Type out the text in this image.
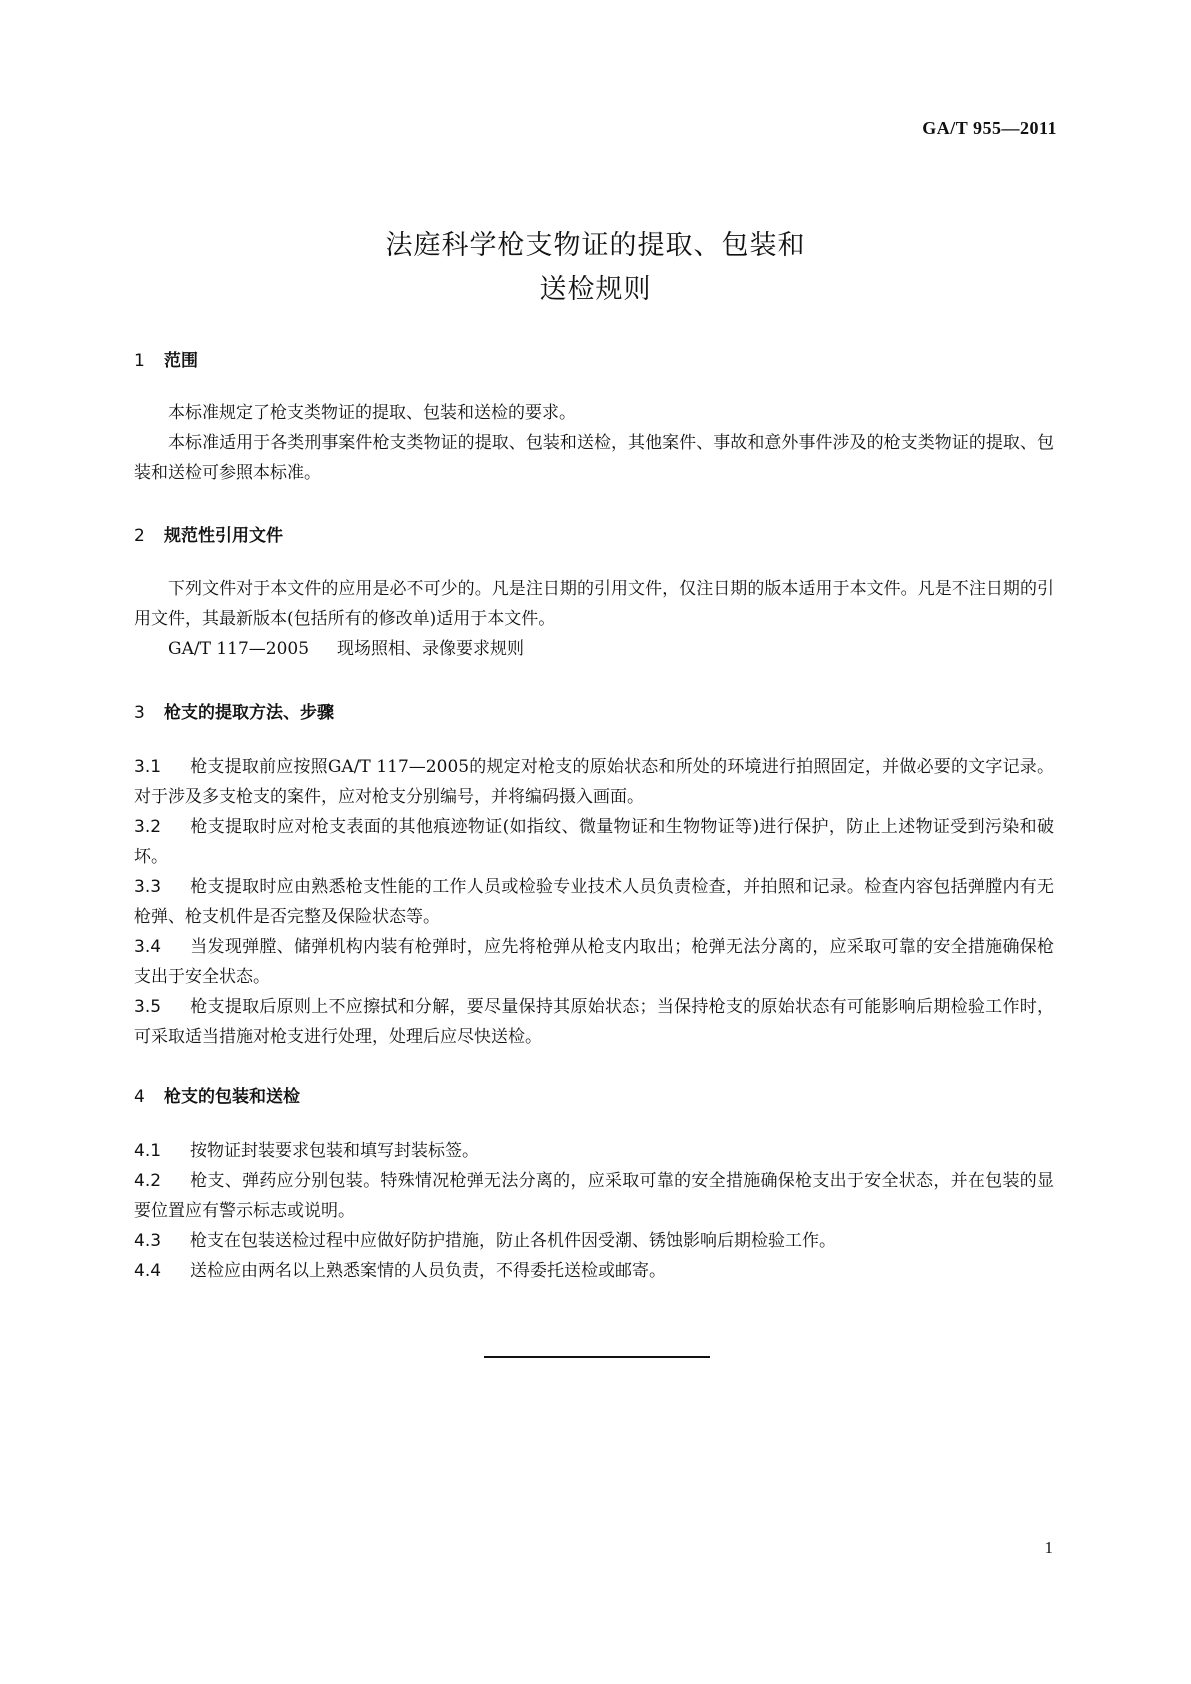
GA/T 955—2011
法庭科学枪支物证的提取、包装和
送检规则
1 范围
本标准规定了枪支类物证的提取、包装和送检的要求。
本标准适用于各类刑事案件枪支类物证的提取、包装和送检，其他案件、事故和意外事件涉及的枪支类物证的提取、包装和送检可参照本标准。
2 规范性引用文件
下列文件对于本文件的应用是必不可少的。凡是注日期的引用文件，仅注日期的版本适用于本文件。凡是不注日期的引用文件，其最新版本(包括所有的修改单)适用于本文件。
GA/T 117—2005 现场照相、录像要求规则
3 枪支的提取方法、步骤
3.1 枪支提取前应按照GA/T 117—2005的规定对枪支的原始状态和所处的环境进行拍照固定，并做必要的文字记录。对于涉及多支枪支的案件，应对枪支分别编号，并将编码摄入画面。
3.2 枪支提取时应对枪支表面的其他痕迹物证(如指纹、微量物证和生物物证等)进行保护，防止上述物证受到污染和破坏。
3.3 枪支提取时应由熟悉枪支性能的工作人员或检验专业技术人员负责检查，并拍照和记录。检查内容包括弹膛内有无枪弹、枪支机件是否完整及保险状态等。
3.4 当发现弹膛、储弹机构内装有枪弹时，应先将枪弹从枪支内取出；枪弹无法分离的，应采取可靠的安全措施确保枪支出于安全状态。
3.5 枪支提取后原则上不应擦拭和分解，要尽量保持其原始状态；当保持枪支的原始状态有可能影响后期检验工作时，可采取适当措施对枪支进行处理，处理后应尽快送检。
4 枪支的包装和送检
4.1 按物证封装要求包装和填写封装标签。
4.2 枪支、弹药应分别包装。特殊情况枪弹无法分离的，应采取可靠的安全措施确保枪支出于安全状态，并在包装的显要位置应有警示标志或说明。
4.3 枪支在包装送检过程中应做好防护措施，防止各机件因受潮、锈蚀影响后期检验工作。
4.4 送检应由两名以上熟悉案情的人员负责，不得委托送检或邮寄。
1
